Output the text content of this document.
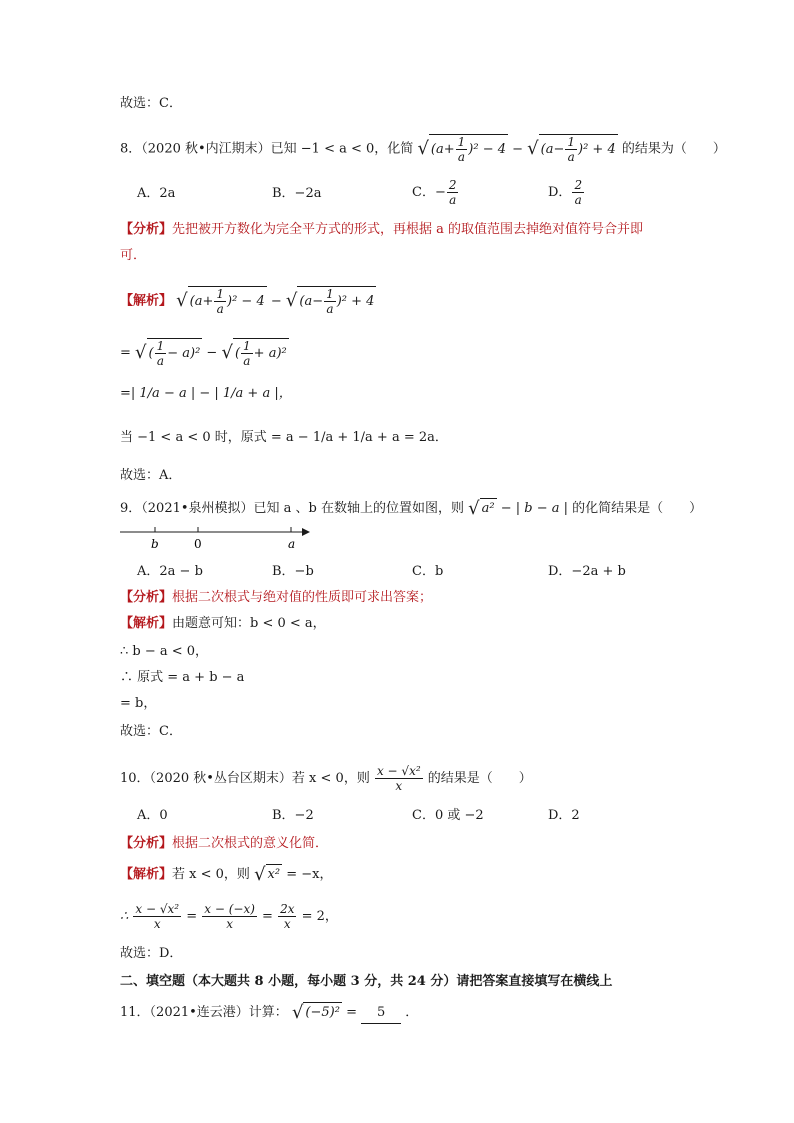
故选：C．
8．（2020 秋•内江期末）已知 −1 < a < 0，化简 √ $(a+ \frac{1}{a} )^2 - 4$ − √ $(a- \frac{1}{a} )^2 + 4$ 的结果为（　　）
A．2a	B．−2a	C．− $\frac{2}{a}$	D． $\frac{2}{a}$
【分析】先把被开方数化为完全平方式的形式，再根据 a 的取值范围去掉绝对值符号合并即
可．
【解析】 √ $(a+ \frac{1}{a} )^2 - 4$ − √ $(a- \frac{1}{a} )^2 + 4$
= √ ( $\frac{1}{a} - a)^2$ − √ ( $\frac{1}{a} + a)^2$
=| 1/a − a | − | 1/a + a |，
当 −1 < a < 0 时，原式 = a − 1/a + 1/a + a = 2a．
故选：A．
9．（2021•泉州模拟）已知 a 、b 在数轴上的位置如图，则 √ a² − | b − a | 的化简结果是（　　）
b	0	a
A．2a − b	B．−b	C．b	D．−2a + b
【分析】根据二次根式与绝对值的性质即可求出答案；
【解析】由题意可知：b < 0 < a，
∴ b − a < 0，
∴ 原式 = a + b − a
= b，
故选：C．
10．（2020 秋•丛台区期末）若 x < 0，则 $\frac{\text{x − √x²}}{x}$ 的结果是（　　）
A．0	B．−2	C．0 或 −2	D．2
【分析】根据二次根式的意义化简．
【解析】若 x < 0，则 √ x² = −x，
∴ $\frac{\text{x − √x²}}{x} = \frac{x - (-x)}{x} = \frac{2x}{x} = 2$，
故选：D．
二、填空题（本大题共 8 小题，每小题 3 分，共 24 分）请把答案直接填写在横线上
11．（2021•连云港）计算： √ (−5)² = 5 ．
